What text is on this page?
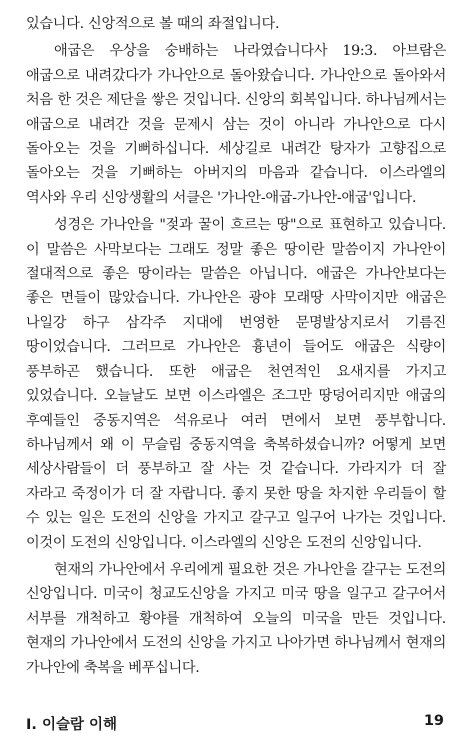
있습니다. 신앙적으로 볼 때의 좌절입니다.

애굽은 우상을 숭배하는 나라였습니다사 19:3. 아브람은 애굽으로 내려갔다가 가나안으로 돌아왔습니다. 가나안으로 돌아와서 처음 한 것은 제단을 쌓은 것입니다. 신앙의 회복입니다. 하나님께서는 애굽으로 내려간 것을 문제시 삼는 것이 아니라 가나안으로 다시 돌아오는 것을 기뻐하십니다. 세상길로 내려간 탕자가 고향집으로 돌아오는 것을 기뻐하는 아버지의 마음과 같습니다. 이스라엘의 역사와 우리 신앙생활의 서클은 '가나안-애굽-가나안-애굽'입니다.

성경은 가나안을 "젖과 꿀이 흐르는 땅"으로 표현하고 있습니다. 이 말씀은 사막보다는 그래도 정말 좋은 땅이란 말씀이지 가나안이 절대적으로 좋은 땅이라는 말씀은 아닙니다. 애굽은 가나안보다는 좋은 면들이 많았습니다. 가나안은 광야 모래땅 사막이지만 애굽은 나일강 하구 삼각주 지대에 번영한 문명발상지로서 기름진 땅이었습니다. 그러므로 가나안은 흉년이 들어도 애굽은 식량이 풍부하곤 했습니다. 또한 애굽은 천연적인 요새지를 가지고 있었습니다. 오늘날도 보면 이스라엘은 조그만 땅덩어리지만 애굽의 후예들인 중동지역은 석유로나 여러 면에서 보면 풍부합니다. 하나님께서 왜 이 무슬림 중동지역을 축복하셨습니까? 어떻게 보면 세상사람들이 더 풍부하고 잘 사는 것 같습니다. 가라지가 더 잘 자라고 죽정이가 더 잘 자랍니다. 좋지 못한 땅을 차지한 우리들이 할 수 있는 일은 도전의 신앙을 가지고 갈구고 일구어 나가는 것입니다. 이것이 도전의 신앙입니다. 이스라엘의 신앙은 도전의 신앙입니다.

현재의 가나안에서 우리에게 필요한 것은 가나안을 갈구는 도전의 신앙입니다. 미국이 청교도신앙을 가지고 미국 땅을 일구고 갈구어서 서부를 개척하고 황야를 개척하여 오늘의 미국을 만든 것입니다. 현재의 가나안에서 도전의 신앙을 가지고 나아가면 하나님께서 현재의 가나안에 축복을 베푸십니다.

Ⅰ. 이슬람 이해	19
